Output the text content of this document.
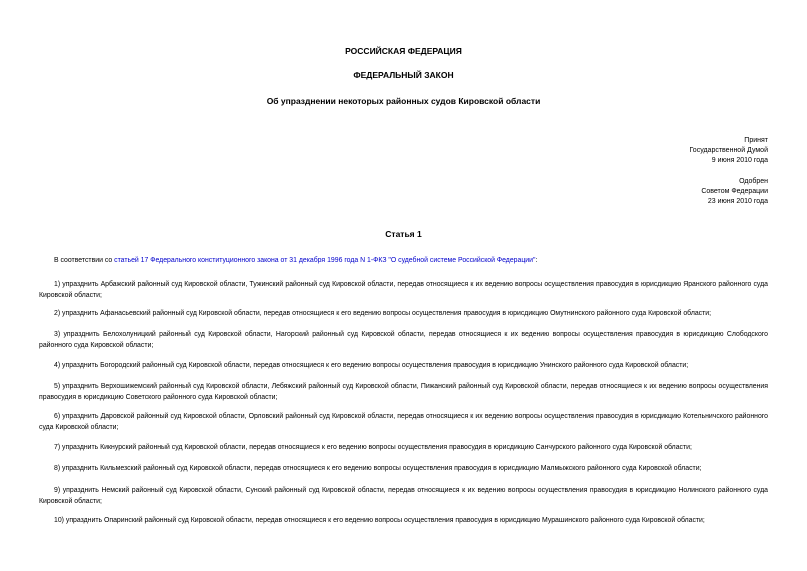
РОССИЙСКАЯ ФЕДЕРАЦИЯ
ФЕДЕРАЛЬНЫЙ ЗАКОН
Об упразднении некоторых районных судов Кировской области
Принят
Государственной Думой
9 июня 2010 года
Одобрен
Советом Федерации
23 июня 2010 года
Статья 1
В соответствии со статьей 17 Федерального конституционного закона от 31 декабря 1996 года N 1-ФКЗ "О судебной системе Российской Федерации":
1) упразднить Арбажский районный суд Кировской области, Тужинский районный суд Кировской области, передав относящиеся к их ведению вопросы осуществления правосудия в юрисдикцию Яранского районного суда Кировской области;
2) упразднить Афанасьевский районный суд Кировской области, передав относящиеся к его ведению вопросы осуществления правосудия в юрисдикцию Омутнинского районного суда Кировской области;
3) упразднить Белохолуницкий районный суд Кировской области, Нагорский районный суд Кировской области, передав относящиеся к их ведению вопросы осуществления правосудия в юрисдикцию Слободского районного суда Кировской области;
4) упразднить Богородский районный суд Кировской области, передав относящиеся к его ведению вопросы осуществления правосудия в юрисдикцию Унинского районного суда Кировской области;
5) упразднить Верхошижемский районный суд Кировской области, Лебяжский районный суд Кировской области, Пижанский районный суд Кировской области, передав относящиеся к их ведению вопросы осуществления правосудия в юрисдикцию Советского районного суда Кировской области;
6) упразднить Даровской районный суд Кировской области, Орловский районный суд Кировской области, передав относящиеся к их ведению вопросы осуществления правосудия в юрисдикцию Котельничского районного суда Кировской области;
7) упразднить Кикнурский районный суд Кировской области, передав относящиеся к его ведению вопросы осуществления правосудия в юрисдикцию Санчурского районного суда Кировской области;
8) упразднить Кильмезский районный суд Кировской области, передав относящиеся к его ведению вопросы осуществления правосудия в юрисдикцию Малмыжского районного суда Кировской области;
9) упразднить Немский районный суд Кировской области, Сунский районный суд Кировской области, передав относящиеся к их ведению вопросы осуществления правосудия в юрисдикцию Нолинского районного суда Кировской области;
10) упразднить Опаринский районный суд Кировской области, передав относящиеся к его ведению вопросы осуществления правосудия в юрисдикцию Мурашинского районного суда Кировской области;
